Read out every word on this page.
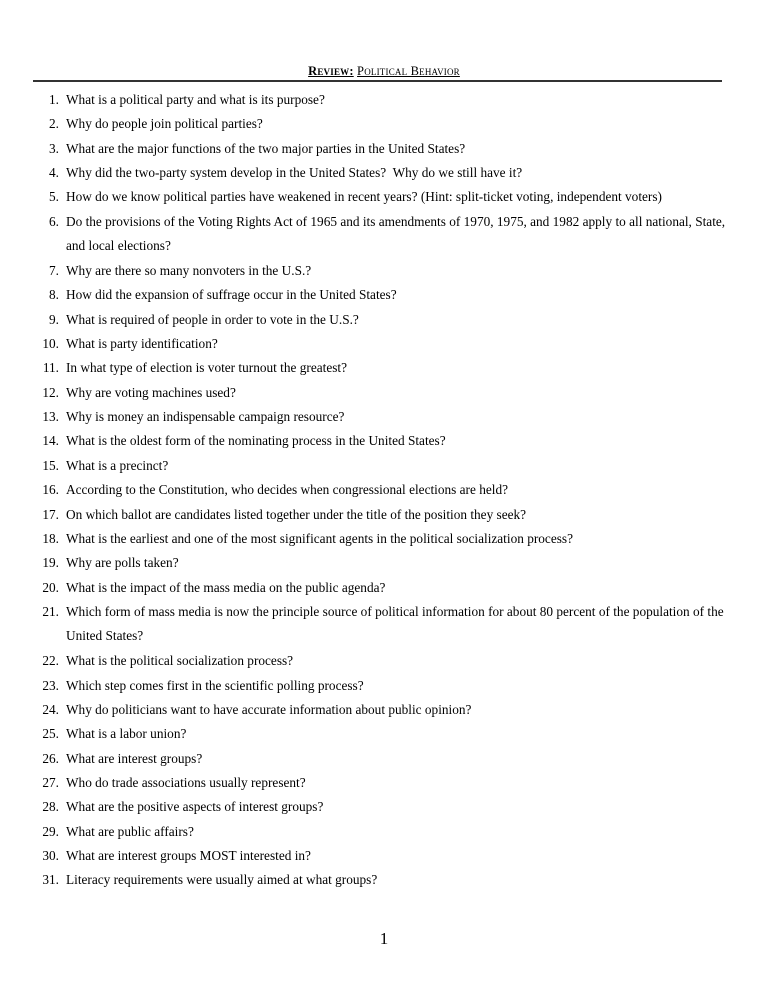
Review: Political Behavior
1. What is a political party and what is its purpose?
2. Why do people join political parties?
3. What are the major functions of the two major parties in the United States?
4. Why did the two-party system develop in the United States?  Why do we still have it?
5. How do we know political parties have weakened in recent years? (Hint: split-ticket voting, independent voters)
6. Do the provisions of the Voting Rights Act of 1965 and its amendments of 1970, 1975, and 1982 apply to all national, State, and local elections?
7. Why are there so many nonvoters in the U.S.?
8. How did the expansion of suffrage occur in the United States?
9. What is required of people in order to vote in the U.S.?
10. What is party identification?
11. In what type of election is voter turnout the greatest?
12. Why are voting machines used?
13. Why is money an indispensable campaign resource?
14. What is the oldest form of the nominating process in the United States?
15. What is a precinct?
16. According to the Constitution, who decides when congressional elections are held?
17. On which ballot are candidates listed together under the title of the position they seek?
18. What is the earliest and one of the most significant agents in the political socialization process?
19. Why are polls taken?
20. What is the impact of the mass media on the public agenda?
21. Which form of mass media is now the principle source of political information for about 80 percent of the population of the United States?
22. What is the political socialization process?
23. Which step comes first in the scientific polling process?
24. Why do politicians want to have accurate information about public opinion?
25. What is a labor union?
26. What are interest groups?
27. Who do trade associations usually represent?
28. What are the positive aspects of interest groups?
29. What are public affairs?
30. What are interest groups MOST interested in?
31. Literacy requirements were usually aimed at what groups?
1
